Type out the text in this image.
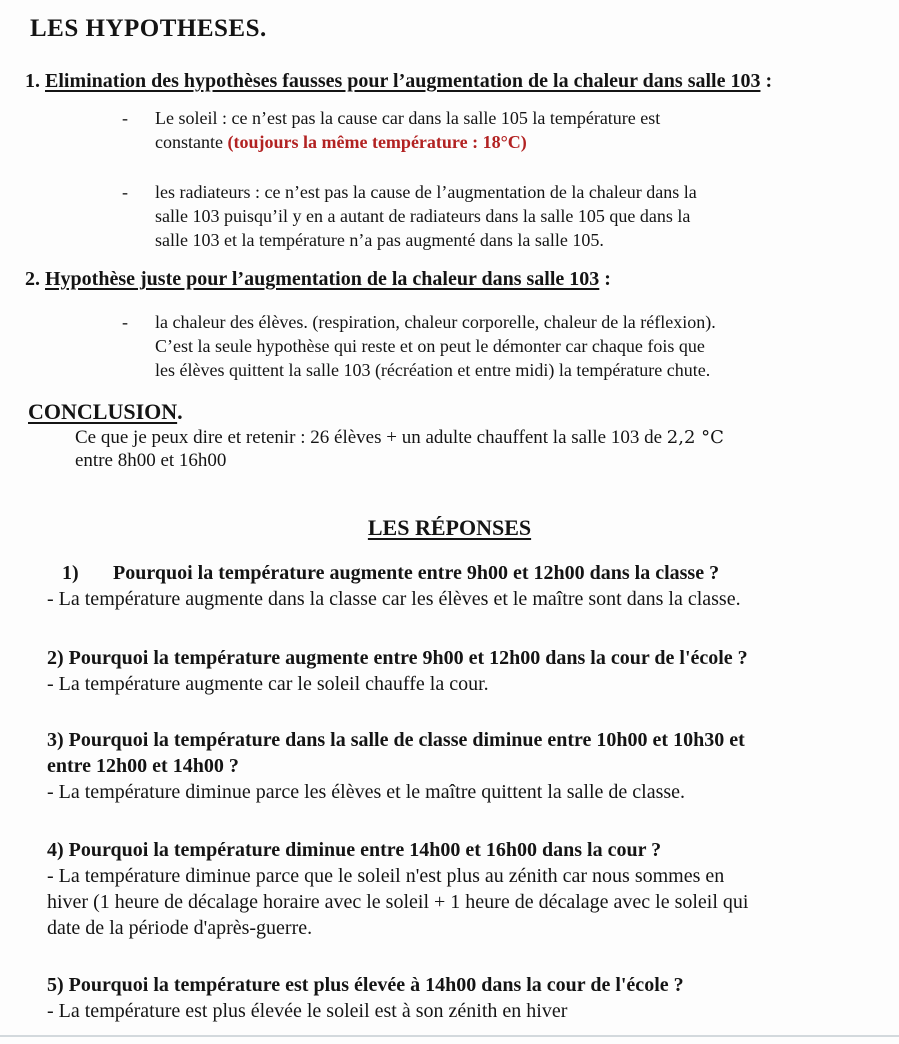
LES HYPOTHESES.
1. Elimination des hypothèses fausses pour l’augmentation de la chaleur dans salle 103 :
- Le soleil : ce n’est pas la cause car dans la salle 105 la température est
constante (toujours la même température : 18°C)
- les radiateurs : ce n’est pas la cause de l’augmentation de la chaleur dans la
salle 103 puisqu’il y en a autant de radiateurs dans la salle 105 que dans la
salle 103 et la température n’a pas augmenté dans la salle 105.
2. Hypothèse juste pour l’augmentation de la chaleur dans salle 103 :
- la chaleur des élèves. (respiration, chaleur corporelle, chaleur de la réflexion).
C’est la seule hypothèse qui reste et on peut le démonter car chaque fois que
les élèves quittent la salle 103 (récréation et entre midi) la température chute.
CONCLUSION.
Ce que je peux dire et retenir : 26 élèves + un adulte chauffent la salle 103 de 2,2 °C
entre 8h00 et 16h00
LES RÉPONSES
1) Pourquoi la température augmente entre 9h00 et 12h00 dans la classe ?
- La température augmente dans la classe car les élèves et le maître sont dans la classe.
2) Pourquoi la température augmente entre 9h00 et 12h00 dans la cour de l'école ?
- La température augmente car le soleil chauffe la cour.
3) Pourquoi la température dans la salle de classe diminue entre 10h00 et 10h30 et
entre 12h00 et 14h00 ?
- La température diminue parce les élèves et le maître quittent la salle de classe.
4) Pourquoi la température diminue entre 14h00 et 16h00 dans la cour ?
- La température diminue parce que le soleil n'est plus au zénith car nous sommes en
hiver (1 heure de décalage horaire avec le soleil + 1 heure de décalage avec le soleil qui
date de la période d'après-guerre.
5) Pourquoi la température est plus élevée à 14h00 dans la cour de l'école ?
- La température est plus élevée le soleil est à son zénith en hiver
